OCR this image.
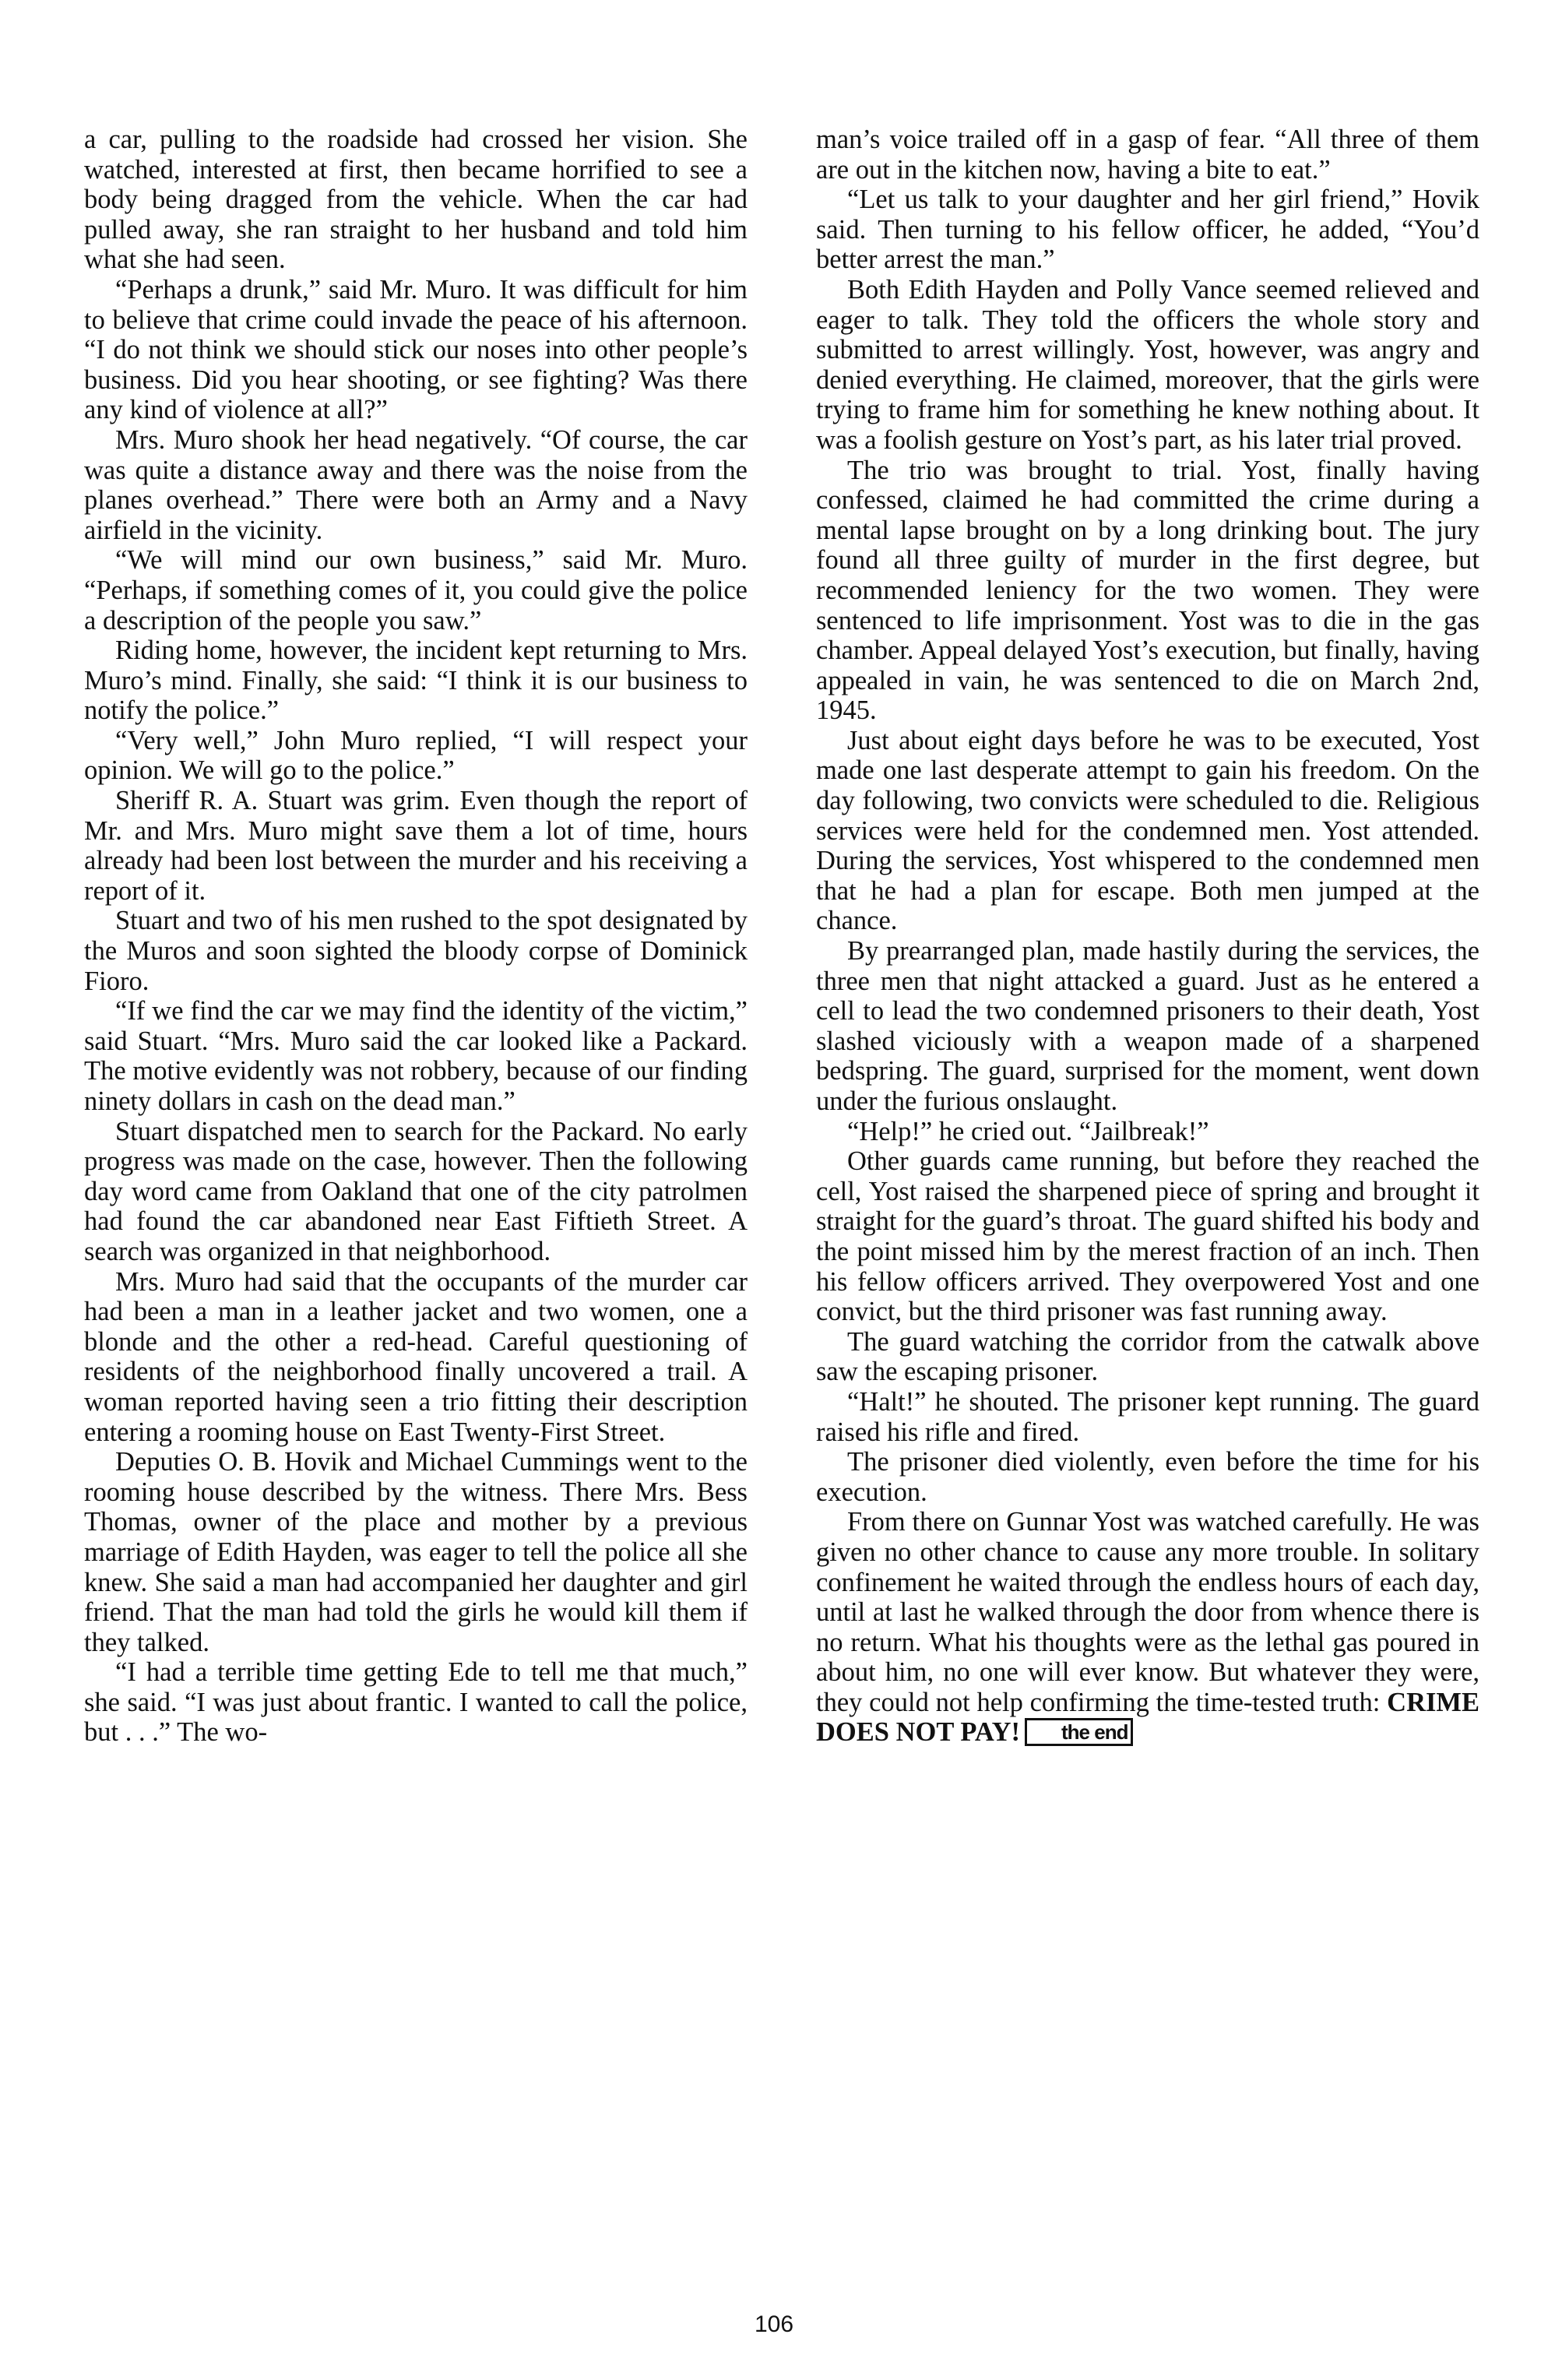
a car, pulling to the roadside had crossed her vision. She watched, interested at first, then became horrified to see a body being dragged from the vehicle. When the car had pulled away, she ran straight to her husband and told him what she had seen.

“Perhaps a drunk,” said Mr. Muro. It was difficult for him to believe that crime could invade the peace of his afternoon. “I do not think we should stick our noses into other people’s business. Did you hear shooting, or see fighting? Was there any kind of violence at all?”

Mrs. Muro shook her head negatively. “Of course, the car was quite a distance away and there was the noise from the planes overhead.” There were both an Army and a Navy airfield in the vicinity.

“We will mind our own business,” said Mr. Muro. “Perhaps, if something comes of it, you could give the police a description of the people you saw.”

Riding home, however, the incident kept returning to Mrs. Muro’s mind. Finally, she said: “I think it is our business to notify the police.”

“Very well,” John Muro replied, “I will respect your opinion. We will go to the police.”

Sheriff R. A. Stuart was grim. Even though the report of Mr. and Mrs. Muro might save them a lot of time, hours already had been lost between the murder and his receiving a report of it.

Stuart and two of his men rushed to the spot designated by the Muros and soon sighted the bloody corpse of Dominick Fioro.

“If we find the car we may find the identity of the victim,” said Stuart. “Mrs. Muro said the car looked like a Packard. The motive evidently was not robbery, because of our finding ninety dollars in cash on the dead man.”

Stuart dispatched men to search for the Packard. No early progress was made on the case, however. Then the following day word came from Oakland that one of the city patrolmen had found the car abandoned near East Fiftieth Street. A search was organized in that neighborhood.

Mrs. Muro had said that the occupants of the murder car had been a man in a leather jacket and two women, one a blonde and the other a red-head. Careful questioning of residents of the neighborhood finally uncovered a trail. A woman reported having seen a trio fitting their description entering a rooming house on East Twenty-First Street.

Deputies O. B. Hovik and Michael Cummings went to the rooming house described by the witness. There Mrs. Bess Thomas, owner of the place and mother by a previous marriage of Edith Hayden, was eager to tell the police all she knew. She said a man had accompanied her daughter and girl friend. That the man had told the girls he would kill them if they talked.

“I had a terrible time getting Ede to tell me that much,” she said. “I was just about frantic. I wanted to call the police, but . . .” The wo-

man’s voice trailed off in a gasp of fear. “All three of them are out in the kitchen now, having a bite to eat.”

“Let us talk to your daughter and her girl friend,” Hovik said. Then turning to his fellow officer, he added, “You’d better arrest the man.”

Both Edith Hayden and Polly Vance seemed relieved and eager to talk. They told the officers the whole story and submitted to arrest willingly. Yost, however, was angry and denied everything. He claimed, moreover, that the girls were trying to frame him for something he knew nothing about. It was a foolish gesture on Yost’s part, as his later trial proved.

The trio was brought to trial. Yost, finally having confessed, claimed he had committed the crime during a mental lapse brought on by a long drinking bout. The jury found all three guilty of murder in the first degree, but recommended leniency for the two women. They were sentenced to life imprisonment. Yost was to die in the gas chamber. Appeal delayed Yost’s execution, but finally, having appealed in vain, he was sentenced to die on March 2nd, 1945.

Just about eight days before he was to be executed, Yost made one last desperate attempt to gain his freedom. On the day following, two convicts were scheduled to die. Religious services were held for the condemned men. Yost attended. During the services, Yost whispered to the condemned men that he had a plan for escape. Both men jumped at the chance.

By prearranged plan, made hastily during the services, the three men that night attacked a guard. Just as he entered a cell to lead the two condemned prisoners to their death, Yost slashed viciously with a weapon made of a sharpened bedspring. The guard, surprised for the moment, went down under the furious onslaught.

“Help!” he cried out. “Jailbreak!”

Other guards came running, but before they reached the cell, Yost raised the sharpened piece of spring and brought it straight for the guard’s throat. The guard shifted his body and the point missed him by the merest fraction of an inch. Then his fellow officers arrived. They overpowered Yost and one convict, but the third prisoner was fast running away.

The guard watching the corridor from the catwalk above saw the escaping prisoner.

“Halt!” he shouted. The prisoner kept running. The guard raised his rifle and fired.

The prisoner died violently, even before the time for his execution.

From there on Gunnar Yost was watched carefully. He was given no other chance to cause any more trouble. In solitary confinement he waited through the endless hours of each day, until at last he walked through the door from whence there is no return. What his thoughts were as the lethal gas poured in about him, no one will ever know. But whatever they were, they could not help confirming the time-tested truth: CRIME DOES NOT PAY! the end

106
